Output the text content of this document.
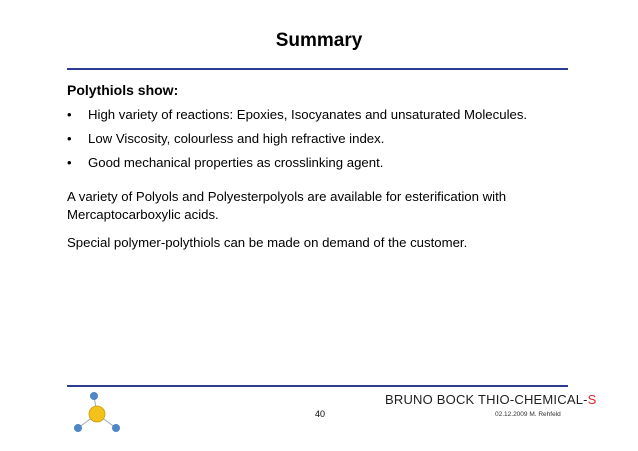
Summary
Polythiols show:
• High variety of reactions: Epoxies, Isocyanates and unsaturated Molecules.
• Low Viscosity, colourless and high refractive index.
• Good mechanical properties as crosslinking agent.
A variety of Polyols and Polyesterpolyols are available for esterification with Mercaptocarboxylic acids.
Special polymer-polythiols can be made on demand of the customer.
BRUNO BOCK THIO-CHEMICAL-S
40	02.12.2009 M. Rehfeld
